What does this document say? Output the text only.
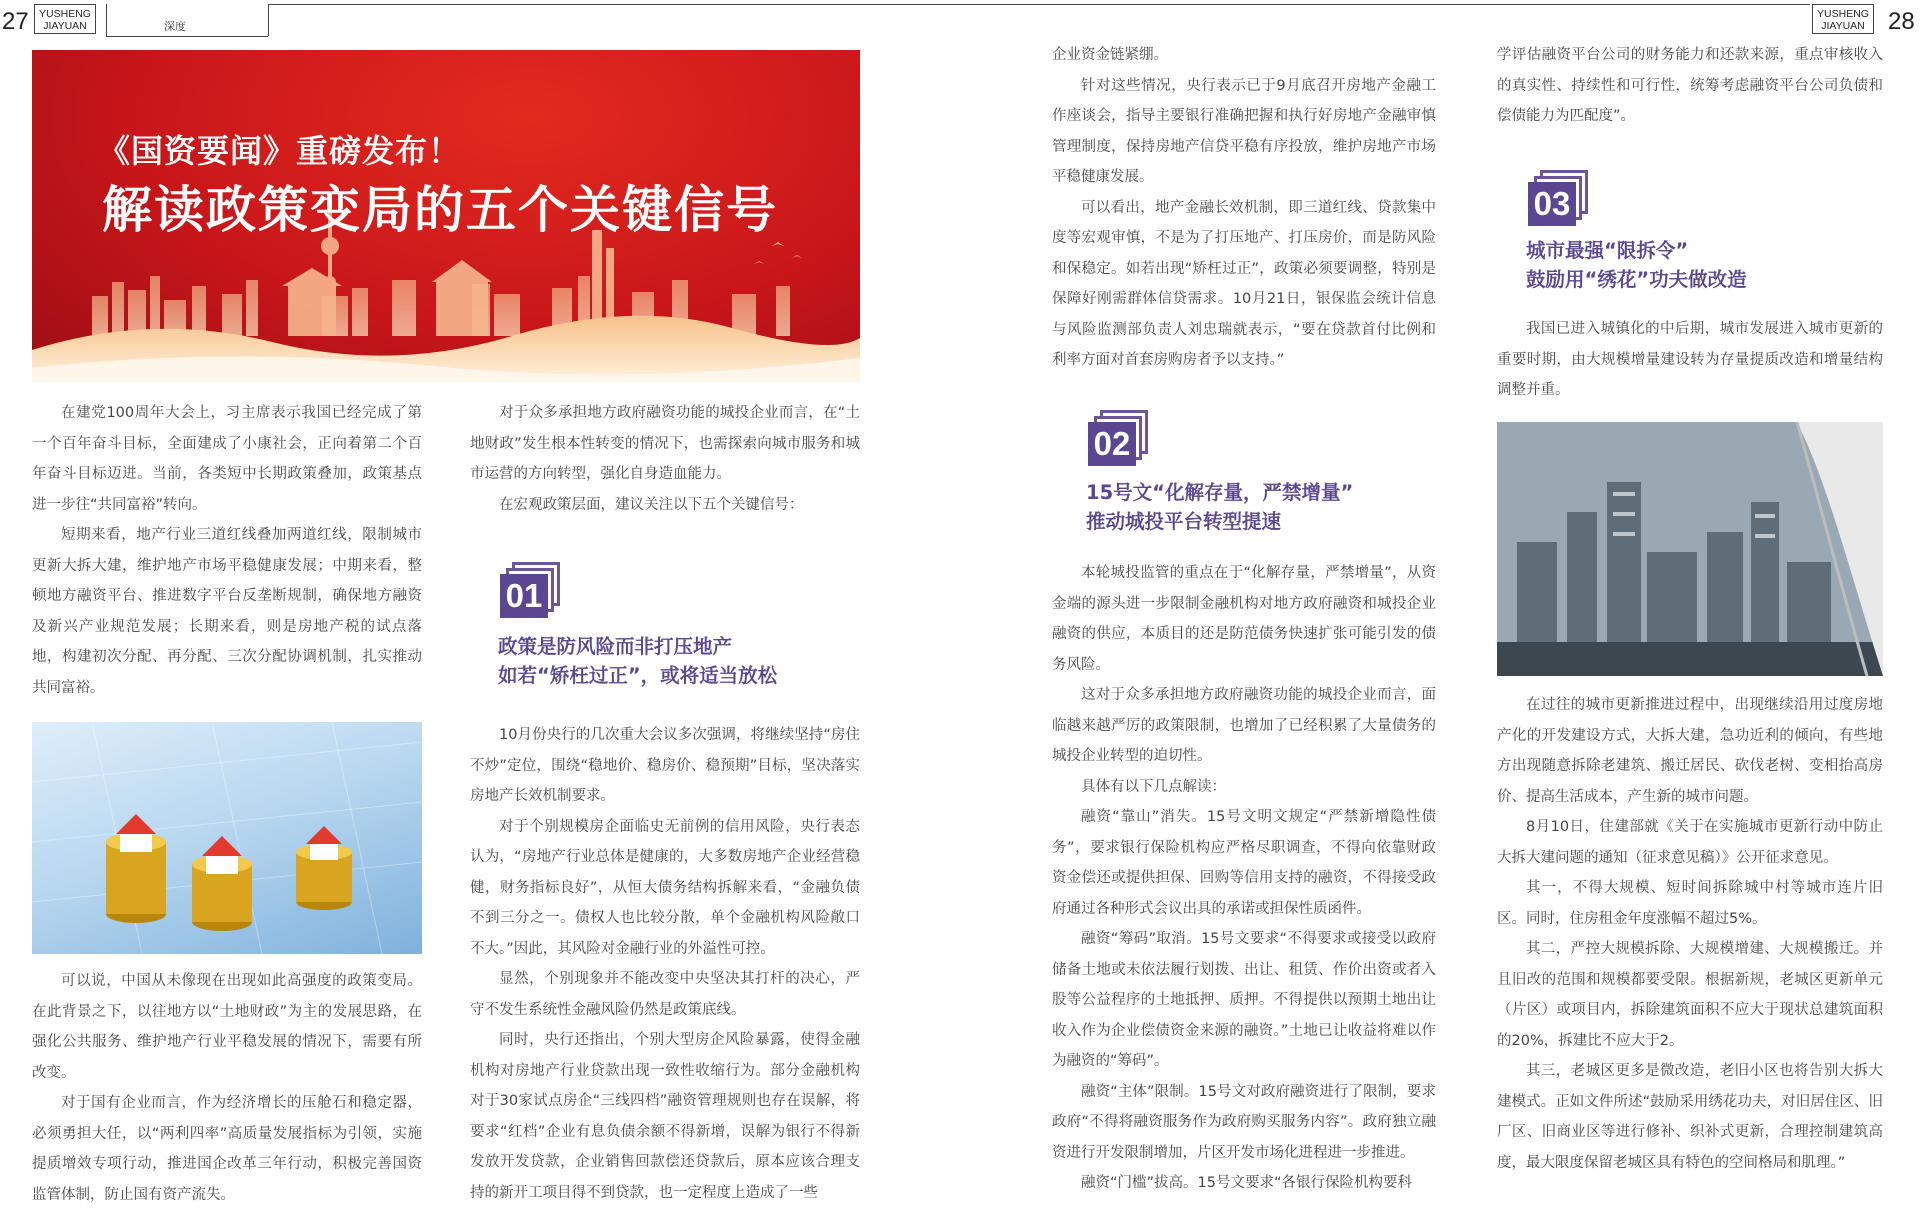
27 YUSHENG
JIAYUAN	深度
YUSHENG
JIAYUAN 28
《国资要闻》重磅发布！
解读政策变局的五个关键信号

在建党100周年大会上，习主席表示我国已经完成了第一个百年奋斗目标，全面建成了小康社会，正向着第二个百年奋斗目标迈进。当前，各类短中长期政策叠加，政策基点进一步往“共同富裕”转向。

短期来看，地产行业三道红线叠加两道红线，限制城市更新大拆大建，维护地产市场平稳健康发展；中期来看，整顿地方融资平台、推进数字平台反垄断规制，确保地方融资及新兴产业规范发展；长期来看，则是房地产税的试点落地，构建初次分配、再分配、三次分配协调机制，扎实推动共同富裕。

可以说，中国从未像现在出现如此高强度的政策变局。在此背景之下，以往地方以“土地财政”为主的发展思路，在强化公共服务、维护地产行业平稳发展的情况下，需要有所改变。

对于国有企业而言，作为经济增长的压舱石和稳定器，必须勇担大任，以“两利四率”高质量发展指标为引领，实施提质增效专项行动，推进国企改革三年行动，积极完善国资监管体制，防止国有资产流失。

对于众多承担地方政府融资功能的城投企业而言，在“土地财政”发生根本性转变的情况下，也需探索向城市服务和城市运营的方向转型，强化自身造血能力。

在宏观政策层面，建议关注以下五个关键信号：

01
政策是防风险而非打压地产
如若“矫枉过正”，或将适当放松

10月份央行的几次重大会议多次强调，将继续坚持“房住不炒”定位，围绕“稳地价、稳房价、稳预期”目标，坚决落实房地产长效机制要求。

对于个别规模房企面临史无前例的信用风险，央行表态认为，“房地产行业总体是健康的，大多数房地产企业经营稳健，财务指标良好”，从恒大债务结构拆解来看，“金融负债不到三分之一。债权人也比较分散，单个金融机构风险敞口不大。”因此，其风险对金融行业的外溢性可控。

显然，个别现象并不能改变中央坚决其打杆的决心，严守不发生系统性金融风险仍然是政策底线。

同时，央行还指出，个别大型房企风险暴露，使得金融机构对房地产行业贷款出现一致性收缩行为。部分金融机构对于30家试点房企“三线四档”融资管理规则也存在误解，将要求“红档”企业有息负债余额不得新增，误解为银行不得新发放开发贷款，企业销售回款偿还贷款后，原本应该合理支持的新开工项目得不到贷款，也一定程度上造成了一些

企业资金链紧绷。

针对这些情况，央行表示已于9月底召开房地产金融工作座谈会，指导主要银行准确把握和执行好房地产金融审慎管理制度，保持房地产信贷平稳有序投放，维护房地产市场平稳健康发展。

可以看出，地产金融长效机制，即三道红线、贷款集中度等宏观审慎，不是为了打压地产、打压房价，而是防风险和保稳定。如若出现“矫枉过正”，政策必须要调整，特别是保障好刚需群体信贷需求。10月21日，银保监会统计信息与风险监测部负责人刘忠瑞就表示，“要在贷款首付比例和利率方面对首套房购房者予以支持。”

02
15号文“化解存量，严禁增量”
推动城投平台转型提速

本轮城投监管的重点在于“化解存量，严禁增量”，从资金端的源头进一步限制金融机构对地方政府融资和城投企业融资的供应，本质目的还是防范债务快速扩张可能引发的债务风险。

这对于众多承担地方政府融资功能的城投企业而言，面临越来越严厉的政策限制，也增加了已经积累了大量债务的城投企业转型的迫切性。

具体有以下几点解读：

融资“靠山”消失。15号文明文规定“严禁新增隐性债务”，要求银行保险机构应严格尽职调查，不得向依靠财政资金偿还或提供担保、回购等信用支持的融资，不得接受政府通过各种形式会议出具的承诺或担保性质函件。

融资“筹码”取消。15号文要求“不得要求或接受以政府储备土地或未依法履行划拨、出让、租赁、作价出资或者入股等公益程序的土地抵押、质押。不得提供以预期土地出让收入作为企业偿债资金来源的融资。”土地已让收益将难以作为融资的“筹码”。

融资“主体”限制。15号文对政府融资进行了限制，要求政府“不得将融资服务作为政府购买服务内容”。政府独立融资进行开发限制增加，片区开发市场化进程进一步推进。

融资“门槛”拔高。15号文要求“各银行保险机构要科

学评估融资平台公司的财务能力和还款来源，重点审核收入的真实性、持续性和可行性，统筹考虑融资平台公司负债和偿债能力为匹配度”。

03
城市最强“限拆令”
鼓励用“绣花”功夫做改造

我国已进入城镇化的中后期，城市发展进入城市更新的重要时期，由大规模增量建设转为存量提质改造和增量结构调整并重。

在过往的城市更新推进过程中，出现继续沿用过度房地产化的开发建设方式，大拆大建，急功近利的倾向，有些地方出现随意拆除老建筑、搬迁居民、砍伐老树、变相抬高房价、提高生活成本，产生新的城市问题。

8月10日，住建部就《关于在实施城市更新行动中防止大拆大建问题的通知（征求意见稿）》公开征求意见。

其一，不得大规模、短时间拆除城中村等城市连片旧区。同时，住房租金年度涨幅不超过5%。

其二，严控大规模拆除、大规模增建、大规模搬迁。并且旧改的范围和规模都要受限。根据新规，老城区更新单元（片区）或项目内，拆除建筑面积不应大于现状总建筑面积的20%，拆建比不应大于2。

其三，老城区更多是微改造，老旧小区也将告别大拆大建模式。正如文件所述“鼓励采用绣花功夫，对旧居住区、旧厂区、旧商业区等进行修补、织补式更新，合理控制建筑高度，最大限度保留老城区具有特色的空间格局和肌理。”
